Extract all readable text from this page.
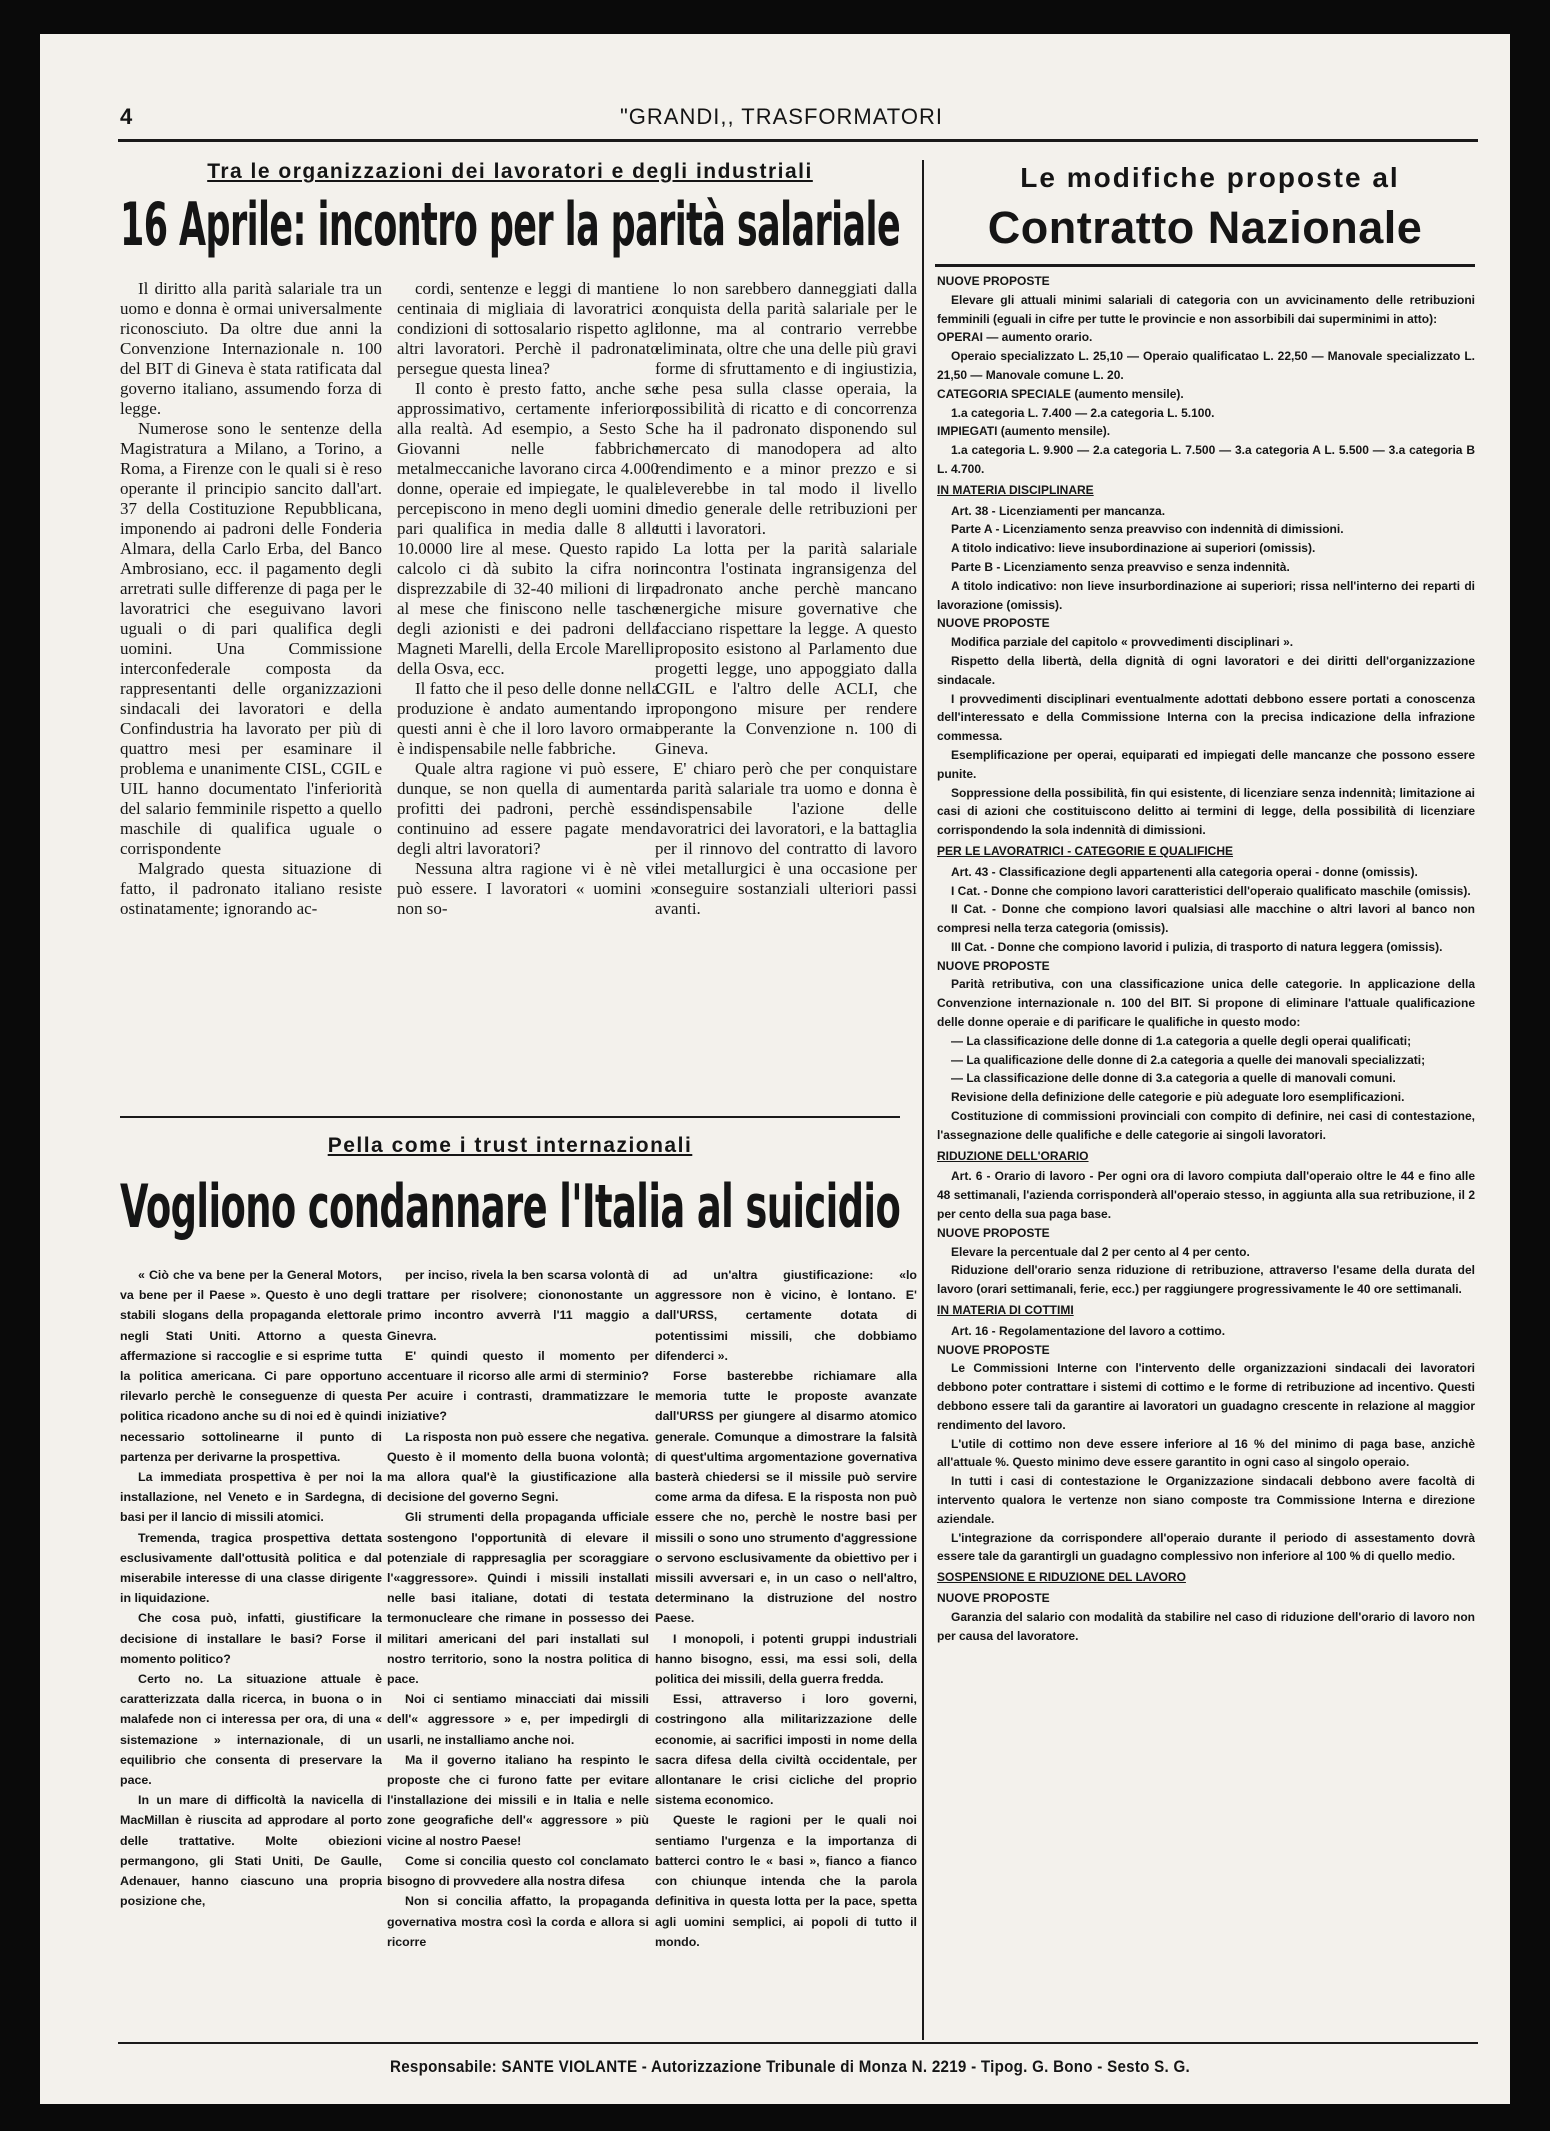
4	"GRANDI,, TRASFORMATORI
Tra le organizzazioni dei lavoratori e degli industriali
16 Aprile: incontro per la parità salariale

Il diritto alla parità salariale tra un uomo e donna è ormai universalmente riconosciuto. Da oltre due anni la Convenzione Internazionale n. 100 del BIT di Gineva è stata ratificata dal governo italiano, assumendo forza di legge.

Numerose sono le sentenze della Magistratura a Milano, a Torino, a Roma, a Firenze con le quali si è reso operante il principio sancito dall'art. 37 della Costituzione Repubblicana, imponendo ai padroni delle Fonderia Almara, della Carlo Erba, del Banco Ambrosiano, ecc. il pagamento degli arretrati sulle differenze di paga per le lavoratrici che eseguivano lavori uguali o di pari qualifica degli uomini. Una Commissione interconfederale composta da rappresentanti delle organizzazioni sindacali dei lavoratori e della Confindustria ha lavorato per più di quattro mesi per esaminare il problema e unanimente CISL, CGIL e UIL hanno documentato l'inferiorità del salario femminile rispetto a quello maschile di qualifica uguale o corrispondente

Malgrado questa situazione di fatto, il padronato italiano resiste ostinatamente; ignorando ac-

cordi, sentenze e leggi di mantiene centinaia di migliaia di lavoratrici a condizioni di sottosalario rispetto agli altri lavoratori. Perchè il padronato persegue questa linea?

Il conto è presto fatto, anche se approssimativo, certamente inferiore alla realtà. Ad esempio, a Sesto S. Giovanni nelle fabbriche metalmeccaniche lavorano circa 4.000 donne, operaie ed impiegate, le quali percepiscono in meno degli uomini di pari qualifica in media dalle 8 alle 10.0000 lire al mese. Questo rapido calcolo ci dà subito la cifra non disprezzabile di 32-40 milioni di lire al mese che finiscono nelle tasche degli azionisti e dei padroni della Magneti Marelli, della Ercole Marelli, della Osva, ecc.

Il fatto che il peso delle donne nella produzione è andato aumentando in questi anni è che il loro lavoro ormai è indispensabile nelle fabbriche.

Quale altra ragione vi può essere, dunque, se non quella di aumentare profitti dei padroni, perchè esse continuino ad essere pagate meno degli altri lavoratori?

Nessuna altra ragione vi è nè vi può essere. I lavoratori « uomini » non so-

lo non sarebbero danneggiati dalla conquista della parità salariale per le donne, ma al contrario verrebbe eliminata, oltre che una delle più gravi forme di sfruttamento e di ingiustizia, che pesa sulla classe operaia, la possibilità di ricatto e di concorrenza che ha il padronato disponendo sul mercato di manodopera ad alto rendimento e a minor prezzo e si eleverebbe in tal modo il livello medio generale delle retribuzioni per tutti i lavoratori.

La lotta per la parità salariale incontra l'ostinata ingransigenza del padronato anche perchè mancano energiche misure governative che facciano rispettare la legge. A questo proposito esistono al Parlamento due progetti legge, uno appoggiato dalla CGIL e l'altro delle ACLI, che propongono misure per rendere operante la Convenzione n. 100 di Gineva.

E' chiaro però che per conquistare la parità salariale tra uomo e donna è indispensabile l'azione delle lavoratrici dei lavoratori, e la battaglia per il rinnovo del contratto di lavoro dei metallurgici è una occasione per conseguire sostanziali ulteriori passi avanti.

Pella come i trust internazionali
Vogliono condannare l'Italia al suicidio

« Ciò che va bene per la General Motors, va bene per il Paese ». Questo è uno degli stabili slogans della propaganda elettorale negli Stati Uniti. Attorno a questa affermazione si raccoglie e si esprime tutta la politica americana. Ci pare opportuno rilevarlo perchè le conseguenze di questa politica ricadono anche su di noi ed è quindi necessario sottolinearne il punto di partenza per derivarne la prospettiva.

La immediata prospettiva è per noi la installazione, nel Veneto e in Sardegna, di basi per il lancio di missili atomici.

Tremenda, tragica prospettiva dettata esclusivamente dall'ottusità politica e dal miserabile interesse di una classe dirigente in liquidazione.

Che cosa può, infatti, giustificare la decisione di installare le basi? Forse il momento politico?

Certo no. La situazione attuale è caratterizzata dalla ricerca, in buona o in malafede non ci interessa per ora, di una « sistemazione » internazionale, di un equilibrio che consenta di preservare la pace.

In un mare di difficoltà la navicella di MacMillan è riuscita ad approdare al porto delle trattative. Molte obiezioni permangono, gli Stati Uniti, De Gaulle, Adenauer, hanno ciascuno una propria posizione che,

per inciso, rivela la ben scarsa volontà di trattare per risolvere; ciononostante un primo incontro avverrà l'11 maggio a Ginevra.

E' quindi questo il momento per accentuare il ricorso alle armi di sterminio? Per acuire i contrasti, drammatizzare le iniziative?

La risposta non può essere che negativa. Questo è il momento della buona volontà; ma allora qual'è la giustificazione alla decisione del governo Segni.

Gli strumenti della propaganda ufficiale sostengono l'opportunità di elevare il potenziale di rappresaglia per scoraggiare l'«aggressore». Quindi i missili installati nelle basi italiane, dotati di testata termonucleare che rimane in possesso dei militari americani del pari installati sul nostro territorio, sono la nostra politica di pace.

Noi ci sentiamo minacciati dai missili dell'« aggressore » e, per impedirgli di usarli, ne installiamo anche noi.

Ma il governo italiano ha respinto le proposte che ci furono fatte per evitare l'installazione dei missili e in Italia e nelle zone geografiche dell'« aggressore » più vicine al nostro Paese!

Come si concilia questo col conclamato bisogno di provvedere alla nostra difesa

Non si concilia affatto, la propaganda governativa mostra così la corda e allora si ricorre

ad un'altra giustificazione: «lo aggressore non è vicino, è lontano. E' dall'URSS, certamente dotata di potentissimi missili, che dobbiamo difenderci ».

Forse basterebbe richiamare alla memoria tutte le proposte avanzate dall'URSS per giungere al disarmo atomico generale. Comunque a dimostrare la falsità di quest'ultima argomentazione governativa basterà chiedersi se il missile può servire come arma da difesa. E la risposta non può essere che no, perchè le nostre basi per missili o sono uno strumento d'aggressione o servono esclusivamente da obiettivo per i missili avversari e, in un caso o nell'altro, determinano la distruzione del nostro Paese.

I monopoli, i potenti gruppi industriali hanno bisogno, essi, ma essi soli, della politica dei missili, della guerra fredda.

Essi, attraverso i loro governi, costringono alla militarizzazione delle economie, ai sacrifici imposti in nome della sacra difesa della civiltà occidentale, per allontanare le crisi cicliche del proprio sistema economico.

Queste le ragioni per le quali noi sentiamo l'urgenza e la importanza di batterci contro le « basi », fianco a fianco con chiunque intenda che la parola definitiva in questa lotta per la pace, spetta agli uomini semplici, ai popoli di tutto il mondo.

Le modifiche proposte al
Contratto Nazionale

NUOVE PROPOSTE

Elevare gli attuali minimi salariali di categoria con un avvicinamento delle retribuzioni femminili (eguali in cifre per tutte le provincie e non assorbibili dai superminimi in atto):

OPERAI — aumento orario.

Operaio specializzato L. 25,10 — Operaio qualificatao L. 22,50 — Manovale specializzato L. 21,50 — Manovale comune L. 20.

CATEGORIA SPECIALE (aumento mensile).

1.a categoria L. 7.400 — 2.a categoria L. 5.100.

IMPIEGATI (aumento mensile).

1.a categoria L. 9.900 — 2.a categoria L. 7.500 — 3.a categoria A L. 5.500 — 3.a categoria B L. 4.700.

IN MATERIA DISCIPLINARE

Art. 38 - Licenziamenti per mancanza.

Parte A - Licenziamento senza preavviso con indennità di dimissioni.

A titolo indicativo: lieve insubordinazione ai superiori (omissis).

Parte B - Licenziamento senza preavviso e senza indennità.

A titolo indicativo: non lieve insurbordinazione ai superiori; rissa nell'interno dei reparti di lavorazione (omissis).

NUOVE PROPOSTE

Modifica parziale del capitolo « provvedimenti disciplinari ».

Rispetto della libertà, della dignità di ogni lavoratori e dei diritti dell'organizzazione sindacale.

I provvedimenti disciplinari eventualmente adottati debbono essere portati a conoscenza dell'interessato e della Commissione Interna con la precisa indicazione della infrazione commessa.

Esemplificazione per operai, equiparati ed impiegati delle mancanze che possono essere punite.

Soppressione della possibilità, fin qui esistente, di licenziare senza indennità; limitazione ai casi di azioni che costituiscono delitto ai termini di legge, della possibilità di licenziare corrispondendo la sola indennità di dimissioni.

PER LE LAVORATRICI - CATEGORIE E QUALIFICHE

Art. 43 - Classificazione degli appartenenti alla categoria operai - donne (omissis).

I Cat. - Donne che compiono lavori caratteristici dell'operaio qualificato maschile (omissis).

II Cat. - Donne che compiono lavori qualsiasi alle macchine o altri lavori al banco non compresi nella terza categoria (omissis).

III Cat. - Donne che compiono lavorid i pulizia, di trasporto di natura leggera (omissis).

NUOVE PROPOSTE

Parità retributiva, con una classificazione unica delle categorie. In applicazione della Convenzione internazionale n. 100 del BIT. Si propone di eliminare l'attuale qualificazione delle donne operaie e di parificare le qualifiche in questo modo:

— La classificazione delle donne di 1.a categoria a quelle degli operai qualificati;

— La qualificazione delle donne di 2.a categoria a quelle dei manovali specializzati;

— La classificazione delle donne di 3.a categoria a quelle di manovali comuni.

Revisione della definizione delle categorie e più adeguate loro esemplificazioni.

Costituzione di commissioni provinciali con compito di definire, nei casi di contestazione, l'assegnazione delle qualifiche e delle categorie ai singoli lavoratori.

RIDUZIONE DELL'ORARIO

Art. 6 - Orario di lavoro - Per ogni ora di lavoro compiuta dall'operaio oltre le 44 e fino alle 48 settimanali, l'azienda corrisponderà all'operaio stesso, in aggiunta alla sua retribuzione, il 2 per cento della sua paga base.

NUOVE PROPOSTE

Elevare la percentuale dal 2 per cento al 4 per cento.

Riduzione dell'orario senza riduzione di retribuzione, attraverso l'esame della durata del lavoro (orari settimanali, ferie, ecc.) per raggiungere progressivamente le 40 ore settimanali.

IN MATERIA DI COTTIMI

Art. 16 - Regolamentazione del lavoro a cottimo.

NUOVE PROPOSTE

Le Commissioni Interne con l'intervento delle organizzazioni sindacali dei lavoratori debbono poter contrattare i sistemi di cottimo e le forme di retribuzione ad incentivo. Questi debbono essere tali da garantire ai lavoratori un guadagno crescente in relazione al maggior rendimento del lavoro.

L'utile di cottimo non deve essere inferiore al 16 % del minimo di paga base, anzichè all'attuale %. Questo minimo deve essere garantito in ogni caso al singolo operaio.

In tutti i casi di contestazione le Organizzazione sindacali debbono avere facoltà di intervento qualora le vertenze non siano composte tra Commissione Interna e direzione aziendale.

L'integrazione da corrispondere all'operaio durante il periodo di assestamento dovrà essere tale da garantirgli un guadagno complessivo non inferiore al 100 % di quello medio.

SOSPENSIONE E RIDUZIONE DEL LAVORO

NUOVE PROPOSTE

Garanzia del salario con modalità da stabilire nel caso di riduzione dell'orario di lavoro non per causa del lavoratore.

Responsabile: SANTE VIOLANTE - Autorizzazione Tribunale di Monza N. 2219 - Tipog. G. Bono - Sesto S. G.
